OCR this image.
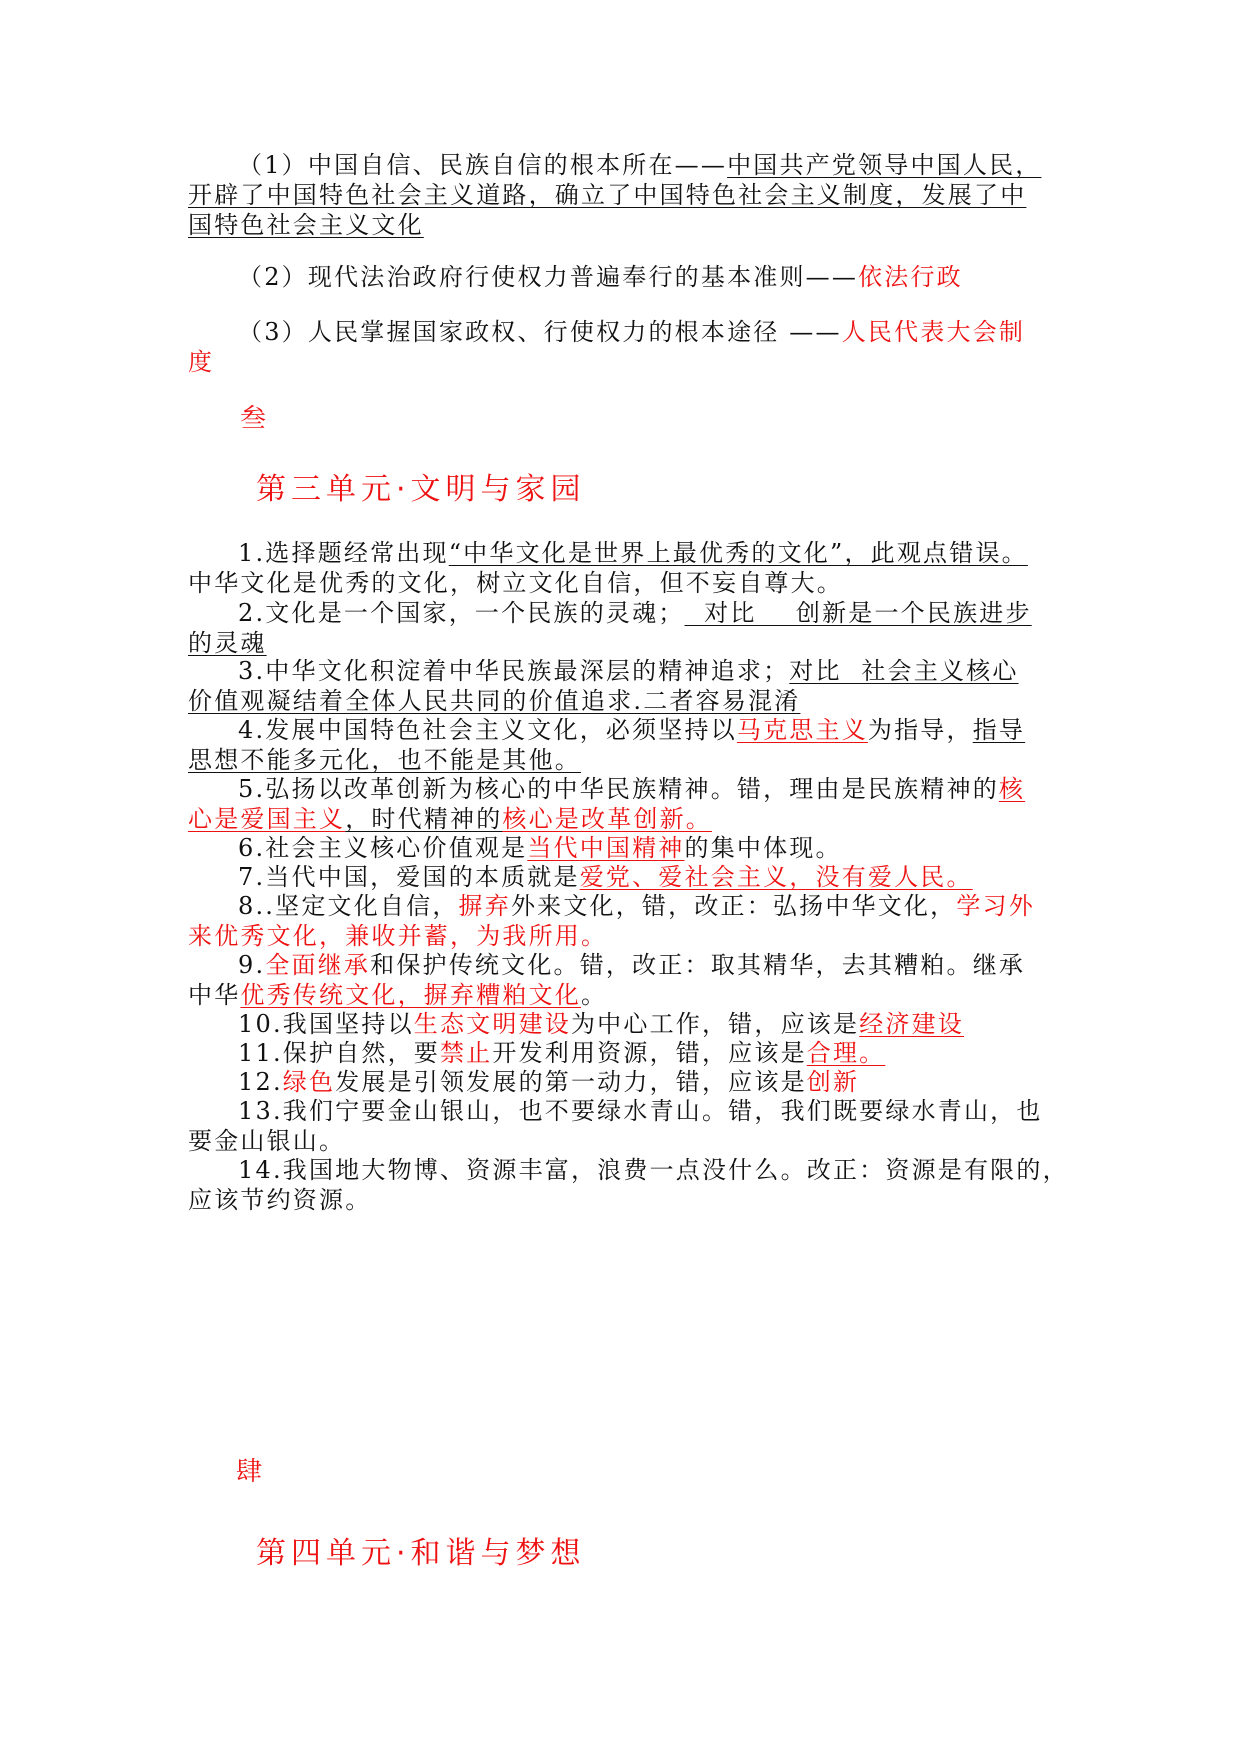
（1）中国自信、民族自信的根本所在——中国共产党领导中国人民，
开辟了中国特色社会主义道路，确立了中国特色社会主义制度，发展了中
国特色社会主义文化
（2）现代法治政府行使权力普遍奉行的基本准则——依法行政
（3）人民掌握国家政权、行使权力的根本途径 ——人民代表大会制
度
叁
第三单元·文明与家园
1.选择题经常出现“中华文化是世界上最优秀的文化”，此观点错误。
中华文化是优秀的文化，树立文化自信，但不妄自尊大。
2.文化是一个国家，一个民族的灵魂；  对比    创新是一个民族进步
的灵魂
3.中华文化积淀着中华民族最深层的精神追求；对比  社会主义核心
价值观凝结着全体人民共同的价值追求.二者容易混淆
4.发展中国特色社会主义文化，必须坚持以马克思主义为指导，指导
思想不能多元化，也不能是其他。
5.弘扬以改革创新为核心的中华民族精神。错，理由是民族精神的核
心是爱国主义，时代精神的核心是改革创新。
6.社会主义核心价值观是当代中国精神的集中体现。
7.当代中国，爱国的本质就是爱党、爱社会主义，没有爱人民。
8..坚定文化自信，摒弃外来文化，错，改正：弘扬中华文化，学习外
来优秀文化，兼收并蓄，为我所用。
9.全面继承和保护传统文化。错，改正：取其精华，去其糟粕。继承
中华优秀传统文化，摒弃糟粕文化。
10.我国坚持以生态文明建设为中心工作，错，应该是经济建设
11.保护自然，要禁止开发利用资源，错，应该是合理。
12.绿色发展是引领发展的第一动力，错，应该是创新
13.我们宁要金山银山，也不要绿水青山。错，我们既要绿水青山，也
要金山银山。
14.我国地大物博、资源丰富，浪费一点没什么。改正：资源是有限的，
应该节约资源。
肆
第四单元·和谐与梦想
